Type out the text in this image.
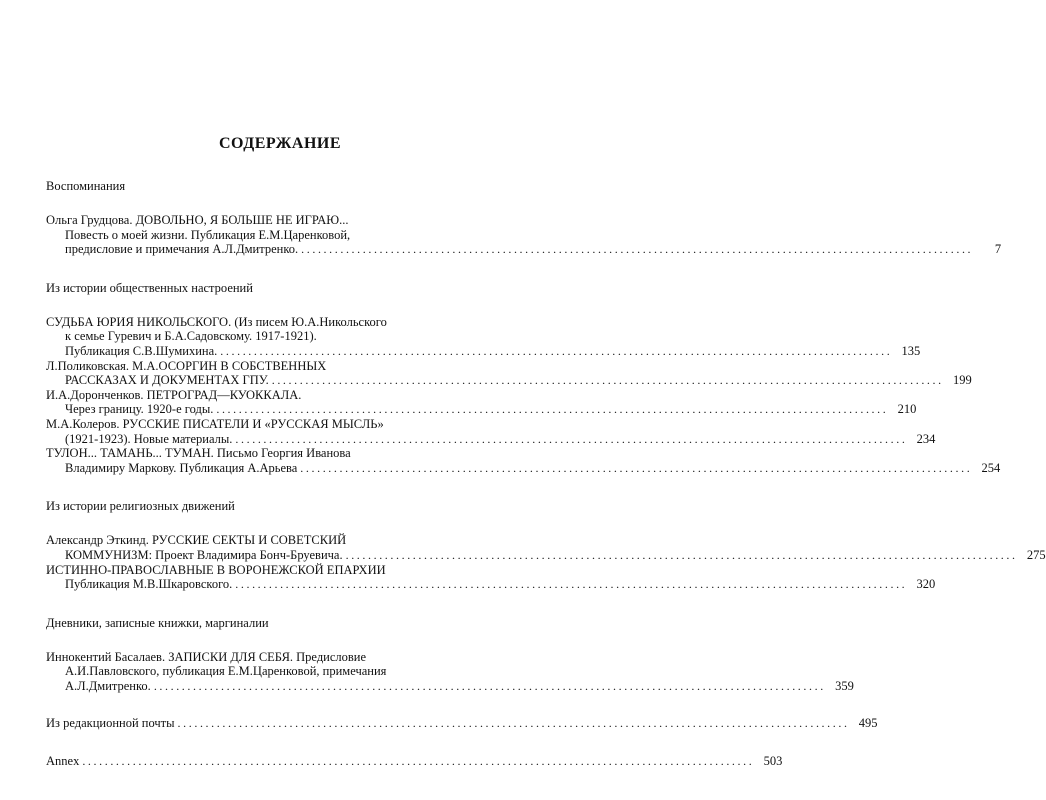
СОДЕРЖАНИЕ
Воспоминания
Ольга Грудцова. ДОВОЛЬНО, Я БОЛЬШЕ НЕ ИГРАЮ...
Повесть о моей жизни. Публикация Е.М.Царенковой,
предисловие и примечания А.Л.Дмитренко. ........................................................................................................................	7
Из истории общественных настроений
СУДЬБА ЮРИЯ НИКОЛЬСКОГО. (Из писем Ю.А.Никольского
к семье Гуревич и Б.А.Садовскому. 1917-1921).
Публикация С.В.Шумихина. ........................................................................................................................ 135
Л.Поликовская. М.А.ОСОРГИН В СОБСТВЕННЫХ
РАССКАЗАХ И ДОКУМЕНТАХ ГПУ. ........................................................................................................................ 199
И.А.Доронченков. ПЕТРОГРАД—КУОККАЛА.
Через границу. 1920-е годы. ........................................................................................................................ 210
М.А.Колеров. РУССКИЕ ПИСАТЕЛИ И «РУССКАЯ МЫСЛЬ»
(1921-1923). Новые материалы. ........................................................................................................................ 234
ТУЛОН... ТАМАНЬ... ТУМАН. Письмо Георгия Иванова
Владимиру Маркову. Публикация А.Арьева ........................................................................................................................ 254
Из истории религиозных движений
Александр Эткинд. РУССКИЕ СЕКТЫ И СОВЕТСКИЙ
КОММУНИЗМ: Проект Владимира Бонч-Бруевича. ........................................................................................................................ 275
ИСТИННО-ПРАВОСЛАВНЫЕ В ВОРОНЕЖСКОЙ ЕПАРХИИ
Публикация М.В.Шкаровского. ........................................................................................................................ 320
Дневники, записные книжки, маргиналии
Иннокентий Басалаев. ЗАПИСКИ ДЛЯ СЕБЯ. Предисловие
А.И.Павловского, публикация Е.М.Царенковой, примечания
А.Л.Дмитренко. ........................................................................................................................ 359
Из редакционной почты ........................................................................................................................ 495
Annex ........................................................................................................................ 503
